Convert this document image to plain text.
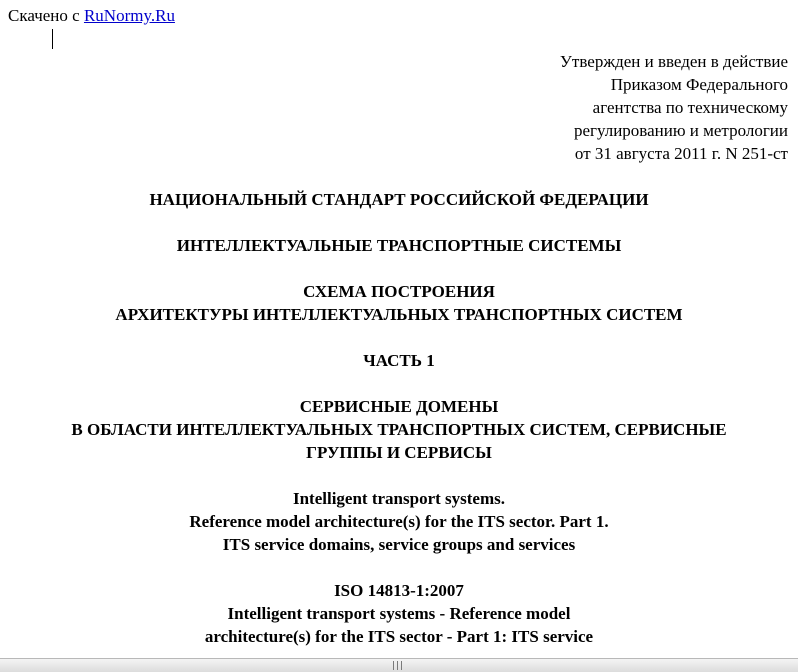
Скачено с RuNormy.Ru
Утвержден и введен в действие
Приказом Федерального
агентства по техническому
регулированию и метрологии
от 31 августа 2011 г. N 251-ст
НАЦИОНАЛЬНЫЙ СТАНДАРТ РОССИЙСКОЙ ФЕДЕРАЦИИ
ИНТЕЛЛЕКТУАЛЬНЫЕ ТРАНСПОРТНЫЕ СИСТЕМЫ
СХЕМА ПОСТРОЕНИЯ
АРХИТЕКТУРЫ ИНТЕЛЛЕКТУАЛЬНЫХ ТРАНСПОРТНЫХ СИСТЕМ
ЧАСТЬ 1
СЕРВИСНЫЕ ДОМЕНЫ
В ОБЛАСТИ ИНТЕЛЛЕКТУАЛЬНЫХ ТРАНСПОРТНЫХ СИСТЕМ, СЕРВИСНЫЕ
ГРУППЫ И СЕРВИСЫ
Intelligent transport systems.
Reference model architecture(s) for the ITS sector. Part 1.
ITS service domains, service groups and services
ISO 14813-1:2007
Intelligent transport systems - Reference model
architecture(s) for the ITS sector - Part 1: ITS service
